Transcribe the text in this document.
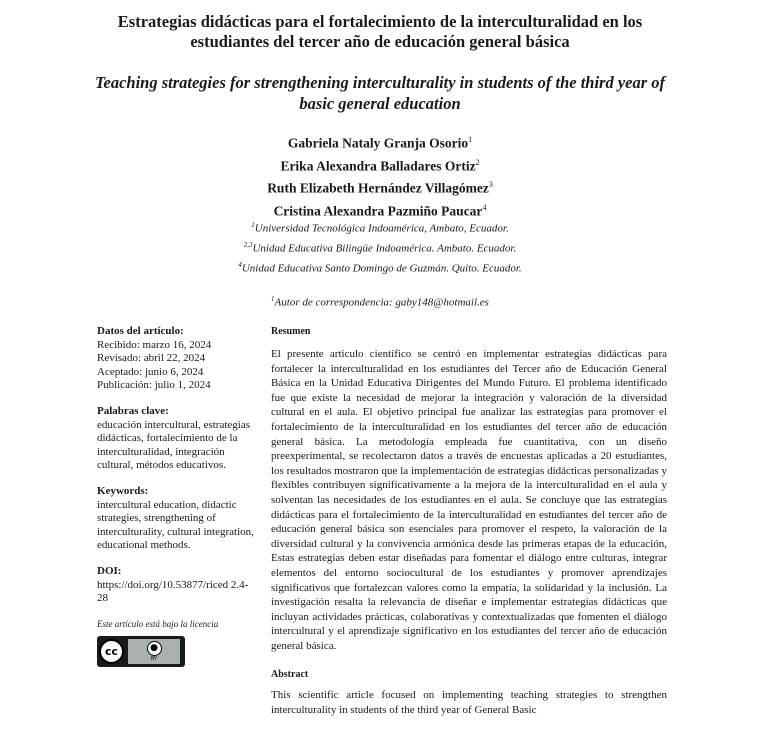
Estrategias didácticas para el fortalecimiento de la interculturalidad en los estudiantes del tercer año de educación general básica
Teaching strategies for strengthening interculturality in students of the third year of basic general education
Gabriela Nataly Granja Osorio$^1$
Erika Alexandra Balladares Ortiz$^2$
Ruth Elizabeth Hernández Villagómez$^3$
Cristina Alexandra Pazmiño Paucar$^4$
$^1$Universidad Tecnológica Indoamérica, Ambato, Ecuador.
$^{2,3}$Unidad Educativa Bilingüe Indoamérica. Ambato. Ecuador.
$^4$Unidad Educativa Santo Domingo de Guzmán. Quito. Ecuador.
$^1$Autor de correspondencia: gaby148@hotmail.es
Datos del artículo:
Recibido: marzo 16, 2024
Revisado: abril 22, 2024
Aceptado: junio 6, 2024
Publicación: julio 1, 2024
Palabras clave:
educación intercultural, estrategias didácticas, fortalecimiento de la interculturalidad, integración cultural, métodos educativos.
Keywords:
intercultural education, didactic strategies, strengthening of interculturality, cultural integration, educational methods.
DOI:
https://doi.org/10.53877/riced 2.4-28
Este artículo está bajo la licencia
cc	●
BY
Resumen

El presente articulo científico se centró en implementar estrategias didácticas para fortalecer la interculturalidad en los estudiantes del Tercer año de Educación General Básica en la Unidad Educativa Dirigentes del Mundo Futuro. El problema identificado fue que existe la necesidad de mejorar la integración y valoración de la diversidad cultural en el aula. El objetivo principal fue analizar las estrategias para promover el fortalecimiento de la interculturalidad en los estudiantes del tercer año de educación general básica. La metodología empleada fue cuantitativa, con un diseño preexperimental, se recolectaron datos a través de encuestas aplicadas a 20 estudiantes, los resultados mostraron que la implementación de estrategias didácticas personalizadas y flexibles contribuyen significativamente a la mejora de la interculturalidad en el aula y solventan las necesidades de los estudiantes en el aula. Se concluye que las estrategias didácticas para el fortalecimiento de la interculturalidad en estudiantes del tercer año de educación general básica son esenciales para promover el respeto, la valoración de la diversidad cultural y la convivencia armónica desde las primeras etapas de la educación, Estas estrategias deben estar diseñadas para fomentar el diálogo entre culturas, integrar elementos del entorno sociocultural de los estudiantes y promover aprendizajes significativos que fortalezcan valores como la empatía, la solidaridad y la inclusión. La investigación resalta la relevancia de diseñar e implementar estrategias didácticas que incluyan actividades prácticas, colaborativas y contextualizadas que fomenten el diálogo intercultural y el aprendizaje significativo en los estudiantes del tercer año de educación general básica.

Abstract

This scientific article focused on implementing teaching strategies to strengthen interculturality in students of the third year of General Basic
